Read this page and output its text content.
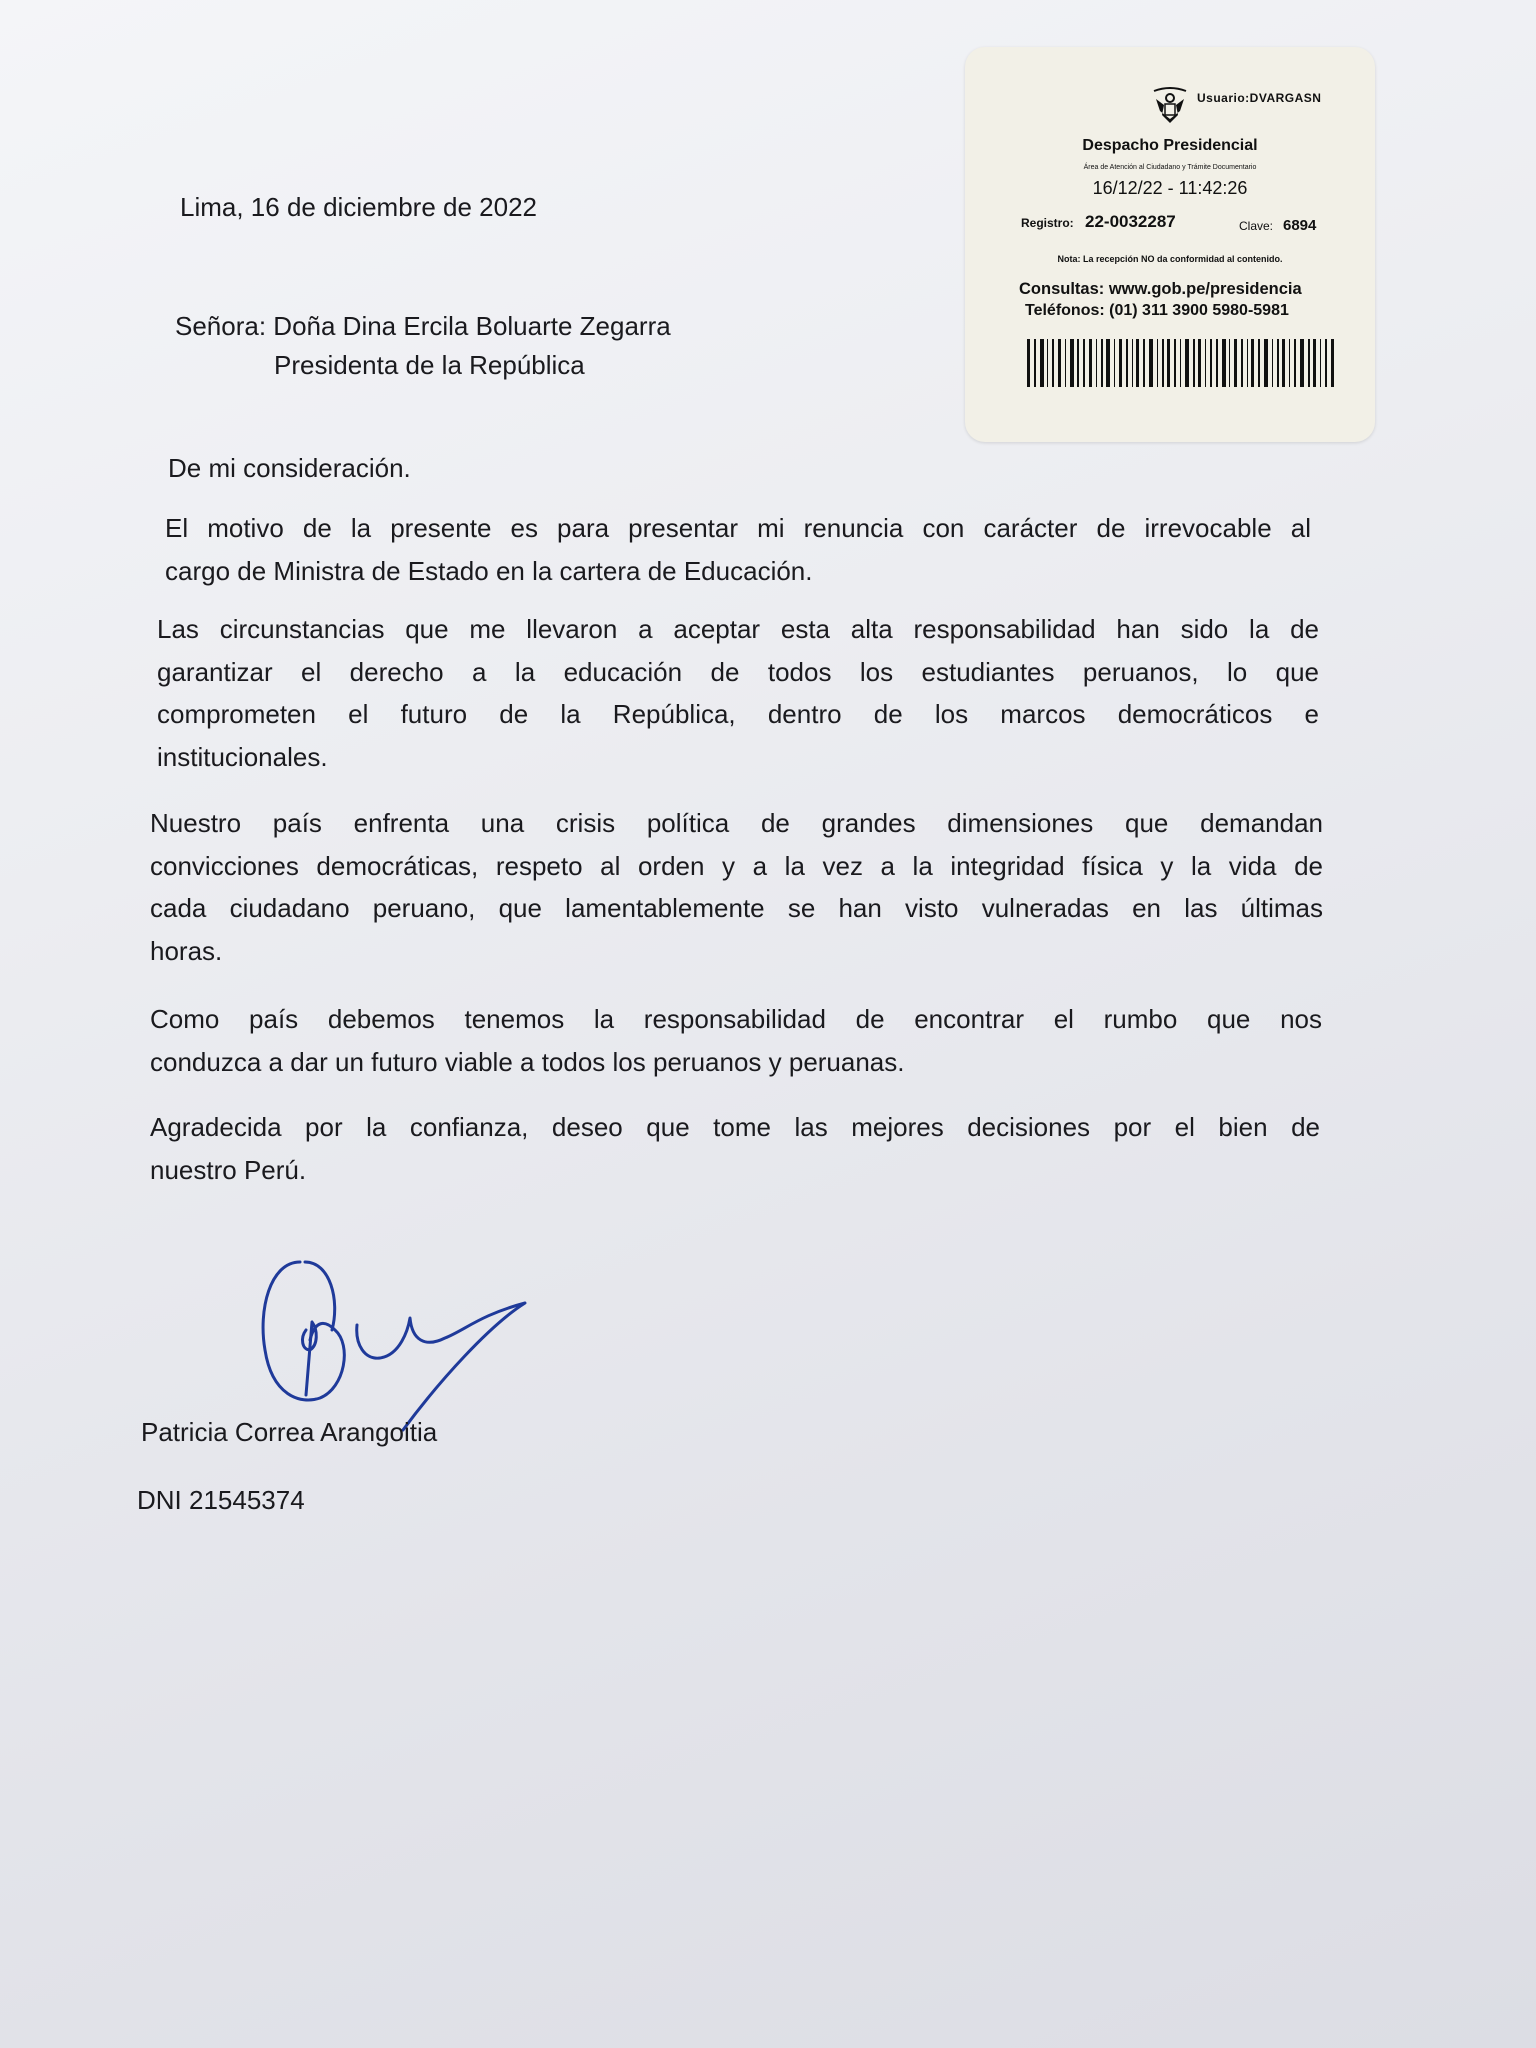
Lima, 16 de diciembre de 2022
Señora: Doña Dina Ercila Boluarte Zegarra
Presidenta de la República
De mi consideración.
El motivo de la presente es para presentar mi renuncia con carácter de irrevocable al
cargo de Ministra de Estado en la cartera de Educación.
Las circunstancias que me llevaron a aceptar esta alta responsabilidad han sido la de
garantizar el derecho a la educación de todos los estudiantes peruanos, lo que
comprometen el futuro de la República, dentro de los marcos democráticos e
institucionales.
Nuestro país enfrenta una crisis política de grandes dimensiones que demandan
convicciones democráticas, respeto al orden y a la vez a la integridad física y la vida de
cada ciudadano peruano, que lamentablemente se han visto vulneradas en las últimas
horas.
Como país debemos tenemos la responsabilidad de encontrar el rumbo que nos
conduzca a dar un futuro viable a todos los peruanos y peruanas.
Agradecida por la confianza, deseo que tome las mejores decisiones por el bien de
nuestro Perú.
Patricia Correa Arangoitia
DNI 21545374
Usuario:DVARGASN
Despacho Presidencial
Área de Atención al Ciudadano y Trámite Documentario
16/12/22 - 11:42:26
Registro: 22-0032287	Clave: 6894
Nota: La recepción NO da conformidad al contenido.
Consultas: www.gob.pe/presidencia
Teléfonos: (01) 311 3900 5980-5981
